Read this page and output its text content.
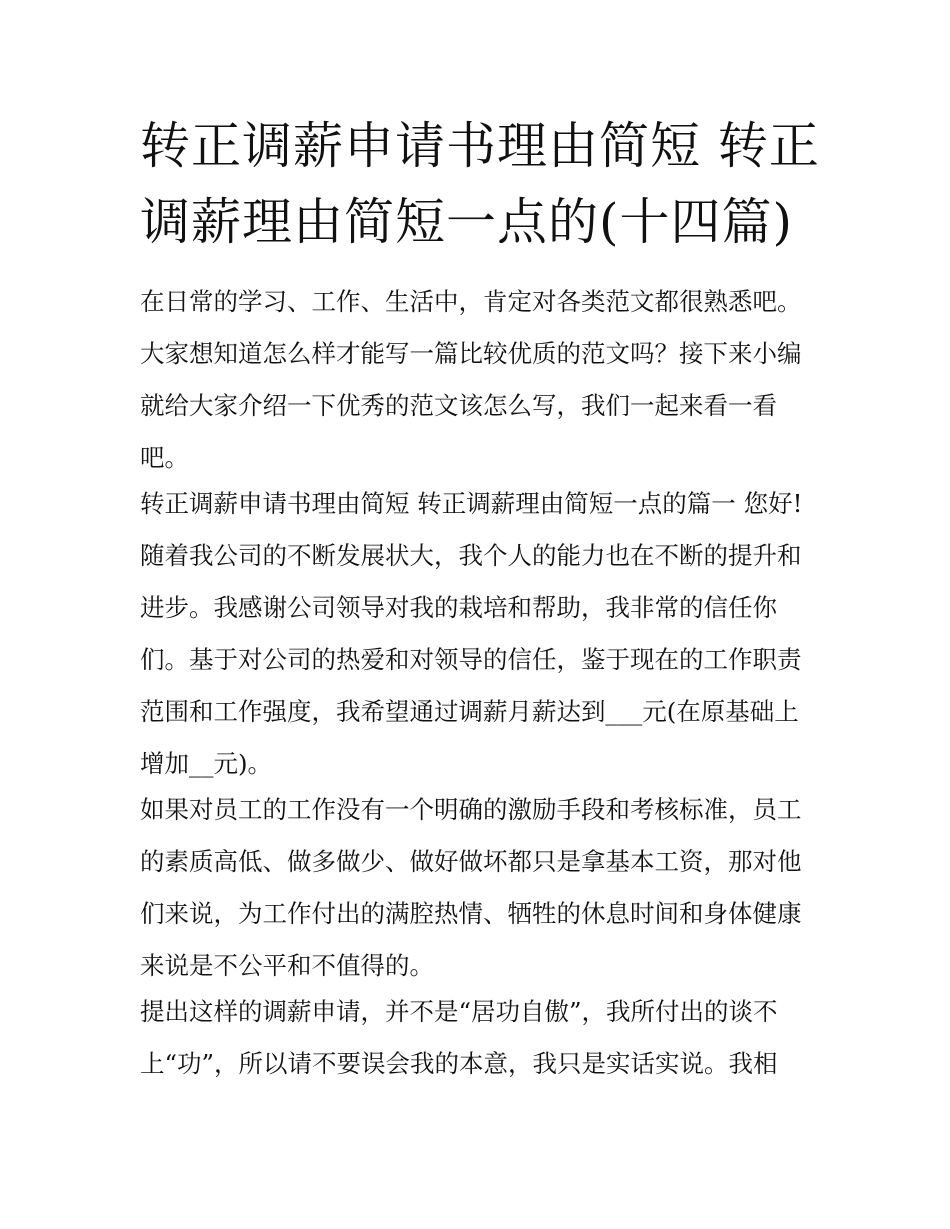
转正调薪申请书理由简短 转正
调薪理由简短一点的(十四篇)

在日常的学习、工作、生活中，肯定对各类范文都很熟悉吧。
大家想知道怎么样才能写一篇比较优质的范文吗？接下来小编
就给大家介绍一下优秀的范文该怎么写，我们一起来看一看
吧。

转正调薪申请书理由简短 转正调薪理由简短一点的篇一 您好!
随着我公司的不断发展状大，我个人的能力也在不断的提升和
进步。我感谢公司领导对我的栽培和帮助，我非常的信任你
们。基于对公司的热爱和对领导的信任，鉴于现在的工作职责
范围和工作强度，我希望通过调薪月薪达到___元(在原基础上
增加__元)。

如果对员工的工作没有一个明确的激励手段和考核标准，员工
的素质高低、做多做少、做好做坏都只是拿基本工资，那对他
们来说，为工作付出的满腔热情、牺牲的休息时间和身体健康
来说是不公平和不值得的。

提出这样的调薪申请，并不是“居功自傲”，我所付出的谈不
上“功”，所以请不要误会我的本意，我只是实话实说。我相
